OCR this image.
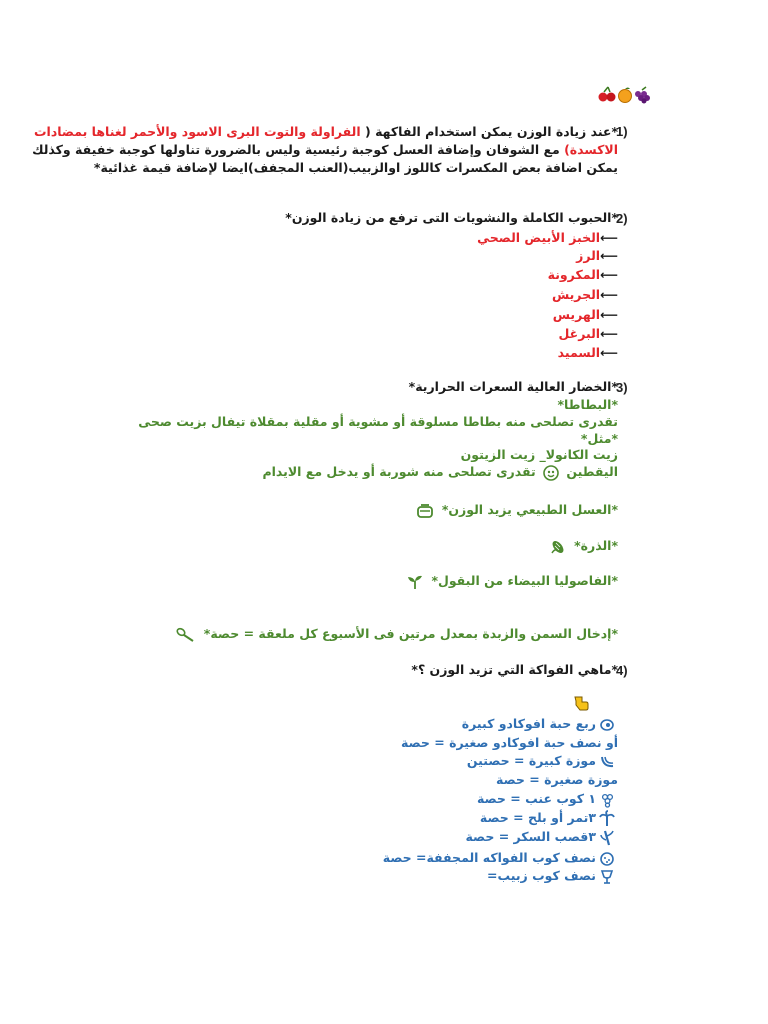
1)
*عند زيادة الوزن يمكن استخدام الفاكهة ( الفراولة والتوت البرى الاسود والأحمر لغناها بمضادات
الاكسدة) مع الشوفان وإضافة العسل كوجبة رئيسية وليس بالضرورة تناولها كوجبة خفيفة وكذلك
يمكن اضافة بعض المكسرات كاللوز اوالزبيب(العنب المجفف)ايضا لإضافة قيمة غذائية*
2)
*الحبوب الكاملة والنشويات التى ترفع من زيادة الوزن*
⟵الخبز الأبيض الصحي
⟵الرز
⟵المكرونة
⟵الجريش
⟵الهريس
⟵البرغل
⟵السميد
3)
*الخضار العالية السعرات الحرارية*
*البطاطا*
تقدرى تصلحى منه بطاطا مسلوقة أو مشوية أو مقلية بمقلاة تيفال بزيت صحى
*مثل*
زيت الكانولا_ زيت الزيتون
اليقطين  تقدرى تصلحى منه شوربة أو يدخل مع الايدام
*العسل الطبيعي يزيد الوزن*
*الذرة*
*الفاصوليا البيضاء من البقول*
*إدخال السمن والزبدة بمعدل مرتين فى الأسبوع كل ملعقة = حصة*
4)
*ماهي الفواكة التي تزيد الوزن ؟*
ربع حبة افوكادو كبيرة
أو نصف حبة افوكادو صغيرة = حصة
موزة كبيرة = حصتين
موزة صغيرة = حصة
١ كوب عنب = حصة
٣تمر أو بلح = حصة
٣قصب السكر = حصة
نصف كوب الفواكه المجففة= حصة
نصف كوب زبيب=
